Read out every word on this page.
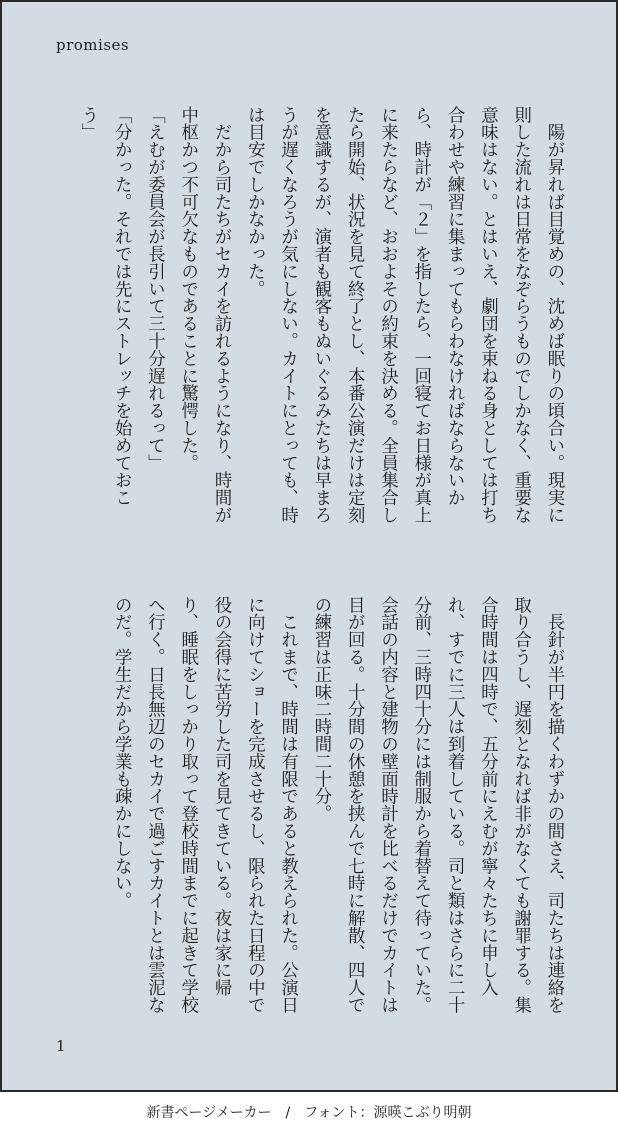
promises
　陽が昇れば目覚めの、沈めば眠りの頃合い。現実に則した流れは日常をなぞらうものでしかなく、重要な意味はない。とはいえ、劇団を束ねる身としては打ち合わせや練習に集まってもらわなければならないから、時計が「２」を指したら、一回寝てお日様が真上に来たらなど、おおよその約束を決める。全員集合したら開始、状況を見て終了とし、本番公演だけは定刻を意識するが、演者も観客もぬいぐるみたちは早まろうが遅くなろうが気にしない。カイトにとっても、時は目安でしかなかった。
　だから司たちがセカイを訪れるようになり、時間が中枢かつ不可欠なものであることに驚愕した。
「えむが委員会が長引いて三十分遅れるって」
「分かった。それでは先にストレッチを始めておこう」
　長針が半円を描くわずかの間さえ、司たちは連絡を取り合うし、遅刻となれば非がなくても謝罪する。集合時間は四時で、五分前にえむが寧々たちに申し入れ、すでに三人は到着している。司と類はさらに二十分前、三時四十分には制服から着替えて待っていた。会話の内容と建物の壁面時計を比べるだけでカイトは目が回る。十分間の休憩を挟んで七時に解散、四人での練習は正味二時間二十分。
　これまで、時間は有限であると教えられた。公演日に向けてショーを完成させるし、限られた日程の中で役の会得に苦労した司を見てきている。夜は家に帰り、睡眠をしっかり取って登校時間までに起きて学校へ行く。日長無辺のセカイで過ごすカイトとは雲泥なのだ。学生だから学業も疎かにしない。
1
新書ページメーカー　/　フォント：源暎こぶり明朝
